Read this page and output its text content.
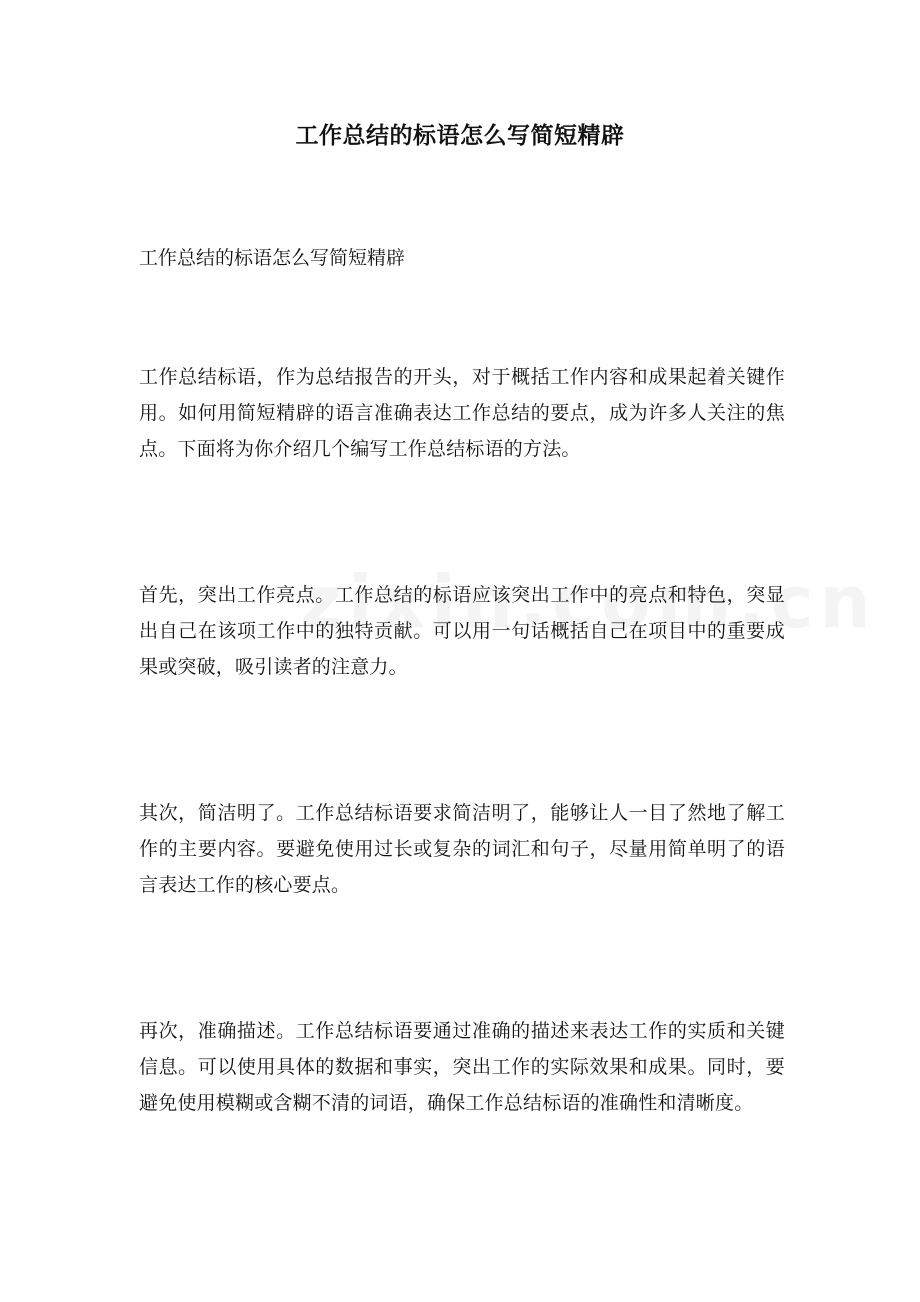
工作总结的标语怎么写简短精辟
工作总结的标语怎么写简短精辟
工作总结标语，作为总结报告的开头，对于概括工作内容和成果起着关键作用。如何用简短精辟的语言准确表达工作总结的要点，成为许多人关注的焦点。下面将为你介绍几个编写工作总结标语的方法。
首先，突出工作亮点。工作总结的标语应该突出工作中的亮点和特色，突显出自己在该项工作中的独特贡献。可以用一句话概括自己在项目中的重要成果或突破，吸引读者的注意力。
其次，简洁明了。工作总结标语要求简洁明了，能够让人一目了然地了解工作的主要内容。要避免使用过长或复杂的词汇和句子，尽量用简单明了的语言表达工作的核心要点。
再次，准确描述。工作总结标语要通过准确的描述来表达工作的实质和关键信息。可以使用具体的数据和事实，突出工作的实际效果和成果。同时，要避免使用模糊或含糊不清的词语，确保工作总结标语的准确性和清晰度。
